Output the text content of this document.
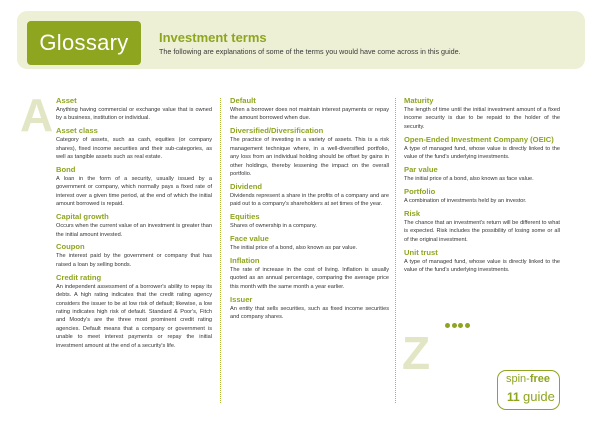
Glossary	Investment terms
The following are explanations of some of the terms you would have come across in this guide.
A
Z
Asset
Anything having commercial or exchange value that is owned by a business, institution or individual.
Asset class
Category of assets, such as cash, equities (or company shares), fixed income securities and their sub-categories, as well as tangible assets such as real estate.
Bond
A loan in the form of a security, usually issued by a government or company, which normally pays a fixed rate of interest over a given time period, at the end of which the initial amount borrowed is repaid.
Capital growth
Occurs when the current value of an investment is greater than the initial amount invested.
Coupon
The interest paid by the government or company that has raised a loan by selling bonds.
Credit rating
An independent assessment of a borrower's ability to repay its debts. A high rating indicates that the credit rating agency considers the issuer to be at low risk of default; likewise, a low rating indicates high risk of default. Standard & Poor's, Fitch and Moody's are the three most prominent credit rating agencies. Default means that a company or government is unable to meet interest payments or repay the initial investment amount at the end of a security's life.
Default
When a borrower does not maintain interest payments or repay the amount borrowed when due.
Diversified/Diversification
The practice of investing in a variety of assets. This is a risk management technique where, in a well-diversified portfolio, any loss from an individual holding should be offset by gains in other holdings, thereby lessening the impact on the overall portfolio.
Dividend
Dividends represent a share in the profits of a company and are paid out to a company's shareholders at set times of the year.
Equities
Shares of ownership in a company.
Face value
The initial price of a bond, also known as par value.
Inflation
The rate of increase in the cost of living. Inflation is usually quoted as an annual percentage, comparing the average price this month with the same month a year earlier.
Issuer
An entity that sells securities, such as fixed income securities and company shares.
Maturity
The length of time until the initial investment amount of a fixed income security is due to be repaid to the holder of the security.
Open-Ended Investment Company (OEIC)
A type of managed fund, whose value is directly linked to the value of the fund's underlying investments.
Par value
The initial price of a bond, also known as face value.
Portfolio
A combination of investments held by an investor.
Risk
The chance that an investment's return will be different to what is expected. Risk includes the possibility of losing some or all of the original investment.
Unit trust
A type of managed fund, whose value is directly linked to the value of the fund's underlying investments.
spin-free
11 guide
